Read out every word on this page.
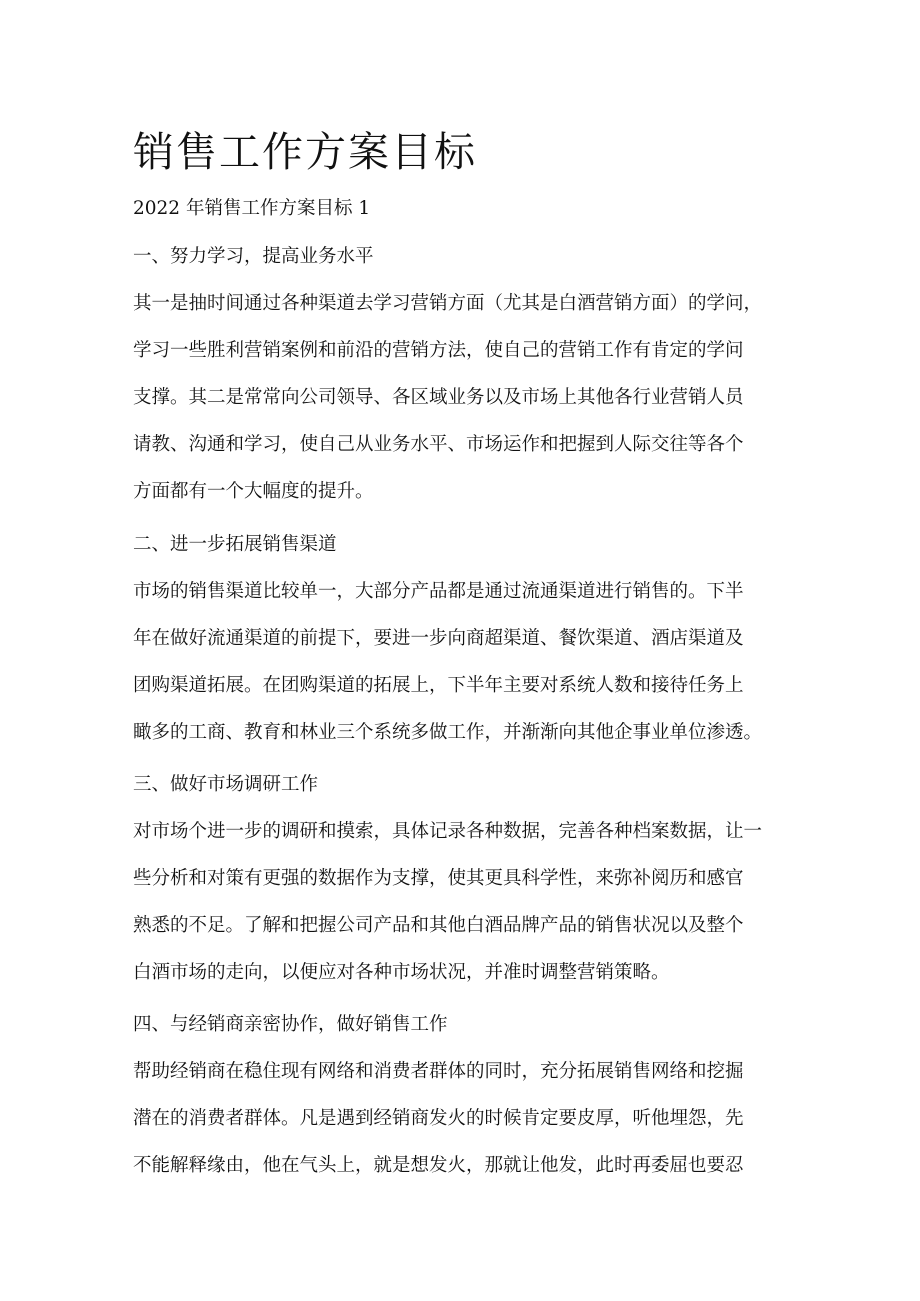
销售工作方案目标
2022 年销售工作方案目标 1
一、努力学习，提高业务水平
其一是抽时间通过各种渠道去学习营销方面（尤其是白酒营销方面）的学问，
学习一些胜利营销案例和前沿的营销方法，使自己的营销工作有肯定的学问
支撑。其二是常常向公司领导、各区域业务以及市场上其他各行业营销人员
请教、沟通和学习，使自己从业务水平、市场运作和把握到人际交往等各个
方面都有一个大幅度的提升。
二、进一步拓展销售渠道
市场的销售渠道比较单一，大部分产品都是通过流通渠道进行销售的。下半
年在做好流通渠道的前提下，要进一步向商超渠道、餐饮渠道、酒店渠道及
团购渠道拓展。在团购渠道的拓展上，下半年主要对系统人数和接待任务上
瞰多的工商、教育和林业三个系统多做工作，并渐渐向其他企事业单位渗透。
三、做好市场调研工作
对市场个进一步的调研和摸索，具体记录各种数据，完善各种档案数据，让一
些分析和对策有更强的数据作为支撑，使其更具科学性，来弥补阅历和感官
熟悉的不足。了解和把握公司产品和其他白酒品牌产品的销售状况以及整个
白酒市场的走向，以便应对各种市场状况，并准时调整营销策略。
四、与经销商亲密协作，做好销售工作
帮助经销商在稳住现有网络和消费者群体的同时，充分拓展销售网络和挖掘
潜在的消费者群体。凡是遇到经销商发火的时候肯定要皮厚，听他埋怨，先
不能解释缘由，他在气头上，就是想发火，那就让他发，此时再委屈也要忍
